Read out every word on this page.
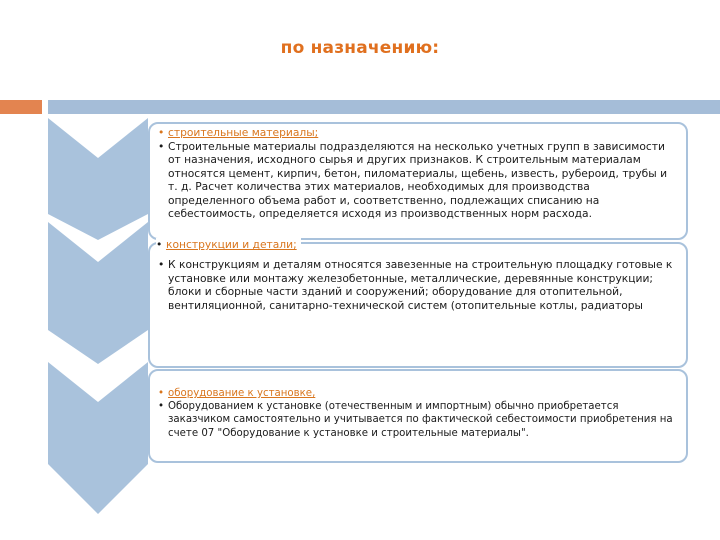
по назначению:
• строительные материалы;
• Строительные материалы подразделяются на несколько учетных групп в зависимости от назначения, исходного сырья и других признаков. К строительным материалам относятся цемент, кирпич, бетон, пиломатериалы, щебень, известь, рубероид, трубы и т. д. Расчет количества этих материалов, необходимых для производства определенного объема работ и, соответственно, подлежащих списанию на себестоимость, определяется исходя из производственных норм расхода.
• К конструкциям и деталям относятся завезенные на строительную площадку готовые к установке или монтажу железобетонные, металлические, деревянные конструкции; блоки и сборные части зданий и сооружений; оборудование для отопительной, вентиляционной, санитарно-технической систем (отопительные котлы, радиаторы
• конструкции и детали;
• оборудование к установке,
• Оборудованием к установке (отечественным и импортным) обычно приобретается заказчиком самостоятельно и учитывается по фактической себестоимости приобретения на счете 07 "Оборудование к установке и строительные материалы".
